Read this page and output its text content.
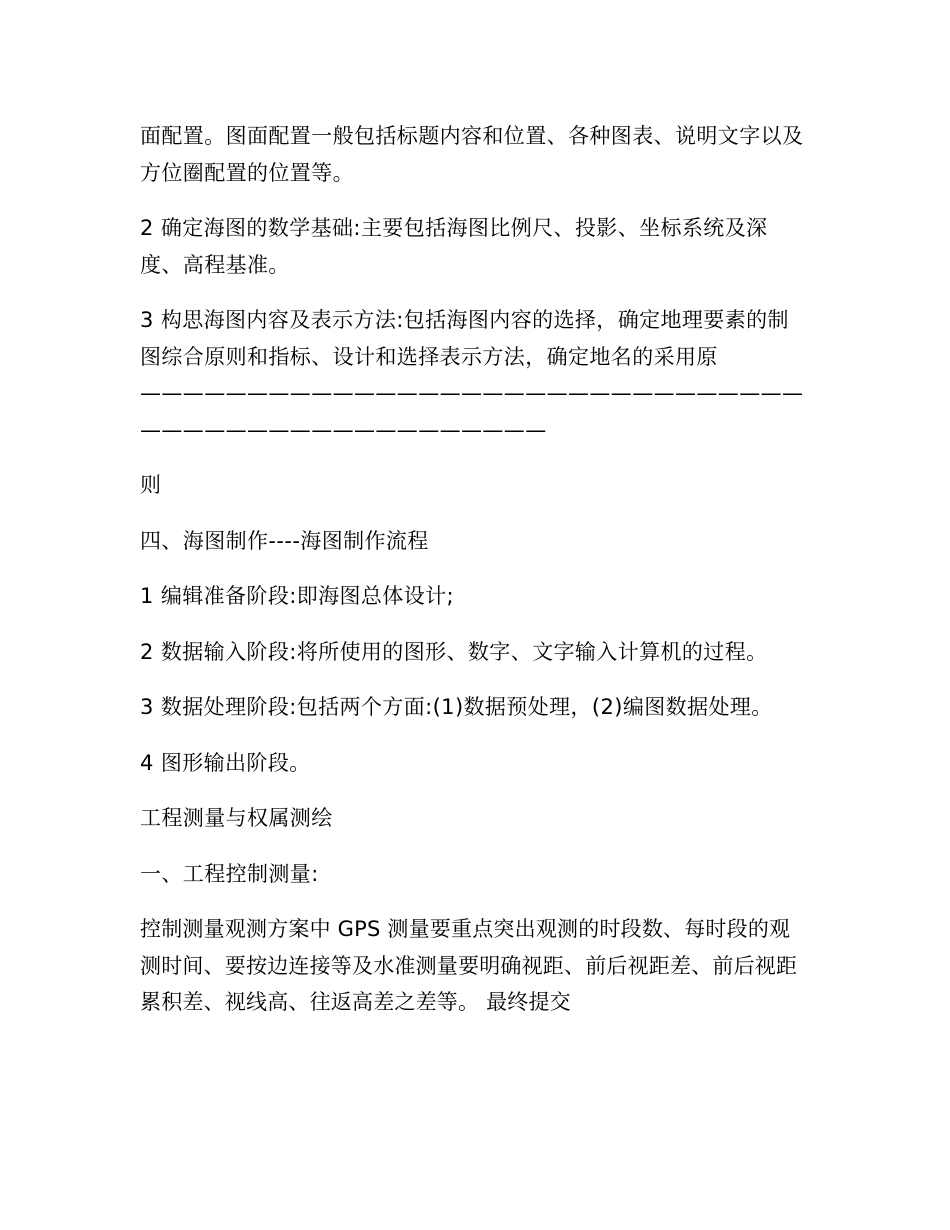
面配置。图面配置一般包括标题内容和位置、各种图表、说明文字以及方位圈配置的位置等。

2 确定海图的数学基础:主要包括海图比例尺、投影、坐标系统及深度、高程基准。

3 构思海图内容及表示方法:包括海图内容的选择，确定地理要素的制图综合原则和指标、设计和选择表示方法，确定地名的采用原——————————————————————————————————————————————————

则

四、海图制作----海图制作流程

1 编辑准备阶段:即海图总体设计;

2 数据输入阶段:将所使用的图形、数字、文字输入计算机的过程。

3 数据处理阶段:包括两个方面:(1)数据预处理，(2)编图数据处理。

4 图形输出阶段。

工程测量与权属测绘

一、工程控制测量:

控制测量观测方案中 GPS 测量要重点突出观测的时段数、每时段的观测时间、要按边连接等及水准测量要明确视距、前后视距差、前后视距累积差、视线高、往返高差之差等。 最终提交
